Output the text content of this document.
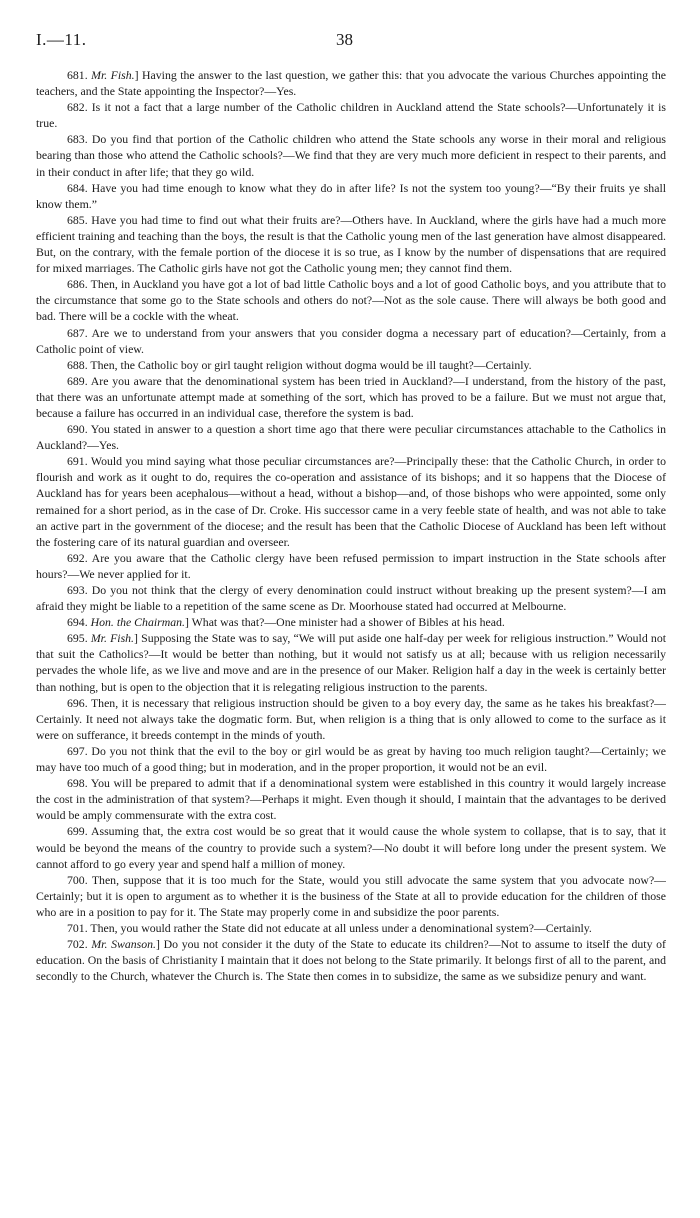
I.—11.	38

681. Mr. Fish.] Having the answer to the last question, we gather this: that you advocate the various Churches appointing the teachers, and the State appointing the Inspector?—Yes.

682. Is it not a fact that a large number of the Catholic children in Auckland attend the State schools?—Unfortunately it is true.

683. Do you find that portion of the Catholic children who attend the State schools any worse in their moral and religious bearing than those who attend the Catholic schools?—We find that they are very much more deficient in respect to their parents, and in their conduct in after life; that they go wild.

684. Have you had time enough to know what they do in after life? Is not the system too young?—“By their fruits ye shall know them.”

685. Have you had time to find out what their fruits are?—Others have. In Auckland, where the girls have had a much more efficient training and teaching than the boys, the result is that the Catholic young men of the last generation have almost disappeared. But, on the contrary, with the female portion of the diocese it is so true, as I know by the number of dispensations that are required for mixed marriages. The Catholic girls have not got the Catholic young men; they cannot find them.

686. Then, in Auckland you have got a lot of bad little Catholic boys and a lot of good Catholic boys, and you attribute that to the circumstance that some go to the State schools and others do not?—Not as the sole cause. There will always be both good and bad. There will be a cockle with the wheat.

687. Are we to understand from your answers that you consider dogma a necessary part of education?—Certainly, from a Catholic point of view.

688. Then, the Catholic boy or girl taught religion without dogma would be ill taught?—Certainly.

689. Are you aware that the denominational system has been tried in Auckland?—I understand, from the history of the past, that there was an unfortunate attempt made at something of the sort, which has proved to be a failure. But we must not argue that, because a failure has occurred in an individual case, therefore the system is bad.

690. You stated in answer to a question a short time ago that there were peculiar circumstances attachable to the Catholics in Auckland?—Yes.

691. Would you mind saying what those peculiar circumstances are?—Principally these: that the Catholic Church, in order to flourish and work as it ought to do, requires the co-operation and assistance of its bishops; and it so happens that the Diocese of Auckland has for years been acephalous—without a head, without a bishop—and, of those bishops who were appointed, some only remained for a short period, as in the case of Dr. Croke. His successor came in a very feeble state of health, and was not able to take an active part in the government of the diocese; and the result has been that the Catholic Diocese of Auckland has been left without the fostering care of its natural guardian and overseer.

692. Are you aware that the Catholic clergy have been refused permission to impart instruction in the State schools after hours?—We never applied for it.

693. Do you not think that the clergy of every denomination could instruct without breaking up the present system?—I am afraid they might be liable to a repetition of the same scene as Dr. Moorhouse stated had occurred at Melbourne.

694. Hon. the Chairman.] What was that?—One minister had a shower of Bibles at his head.

695. Mr. Fish.] Supposing the State was to say, “We will put aside one half-day per week for religious instruction.” Would not that suit the Catholics?—It would be better than nothing, but it would not satisfy us at all; because with us religion necessarily pervades the whole life, as we live and move and are in the presence of our Maker. Religion half a day in the week is certainly better than nothing, but is open to the objection that it is relegating religious instruction to the parents.

696. Then, it is necessary that religious instruction should be given to a boy every day, the same as he takes his breakfast?—Certainly. It need not always take the dogmatic form. But, when religion is a thing that is only allowed to come to the surface as it were on sufferance, it breeds contempt in the minds of youth.

697. Do you not think that the evil to the boy or girl would be as great by having too much religion taught?—Certainly; we may have too much of a good thing; but in moderation, and in the proper proportion, it would not be an evil.

698. You will be prepared to admit that if a denominational system were established in this country it would largely increase the cost in the administration of that system?—Perhaps it might. Even though it should, I maintain that the advantages to be derived would be amply commensurate with the extra cost.

699. Assuming that, the extra cost would be so great that it would cause the whole system to collapse, that is to say, that it would be beyond the means of the country to provide such a system?—No doubt it will before long under the present system. We cannot afford to go every year and spend half a million of money.

700. Then, suppose that it is too much for the State, would you still advocate the same system that you advocate now?—Certainly; but it is open to argument as to whether it is the business of the State at all to provide education for the children of those who are in a position to pay for it. The State may properly come in and subsidize the poor parents.

701. Then, you would rather the State did not educate at all unless under a denominational system?—Certainly.

702. Mr. Swanson.] Do you not consider it the duty of the State to educate its children?—Not to assume to itself the duty of education. On the basis of Christianity I maintain that it does not belong to the State primarily. It belongs first of all to the parent, and secondly to the Church, whatever the Church is. The State then comes in to subsidize, the same as we subsidize penury and want.
